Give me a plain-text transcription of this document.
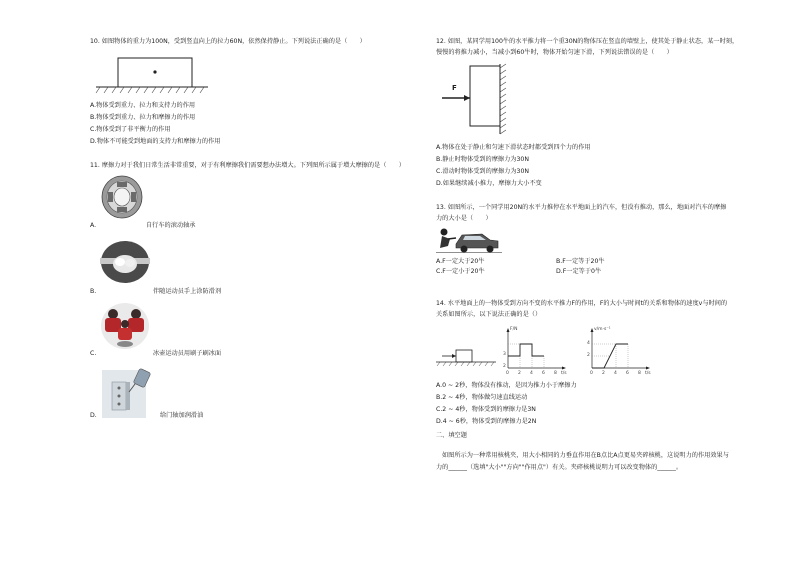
10. 如图物体的重力为100N，受到竖直向上的拉力60N，依然保持静止。下列说法正确的是（　　）
A.物体受到重力、拉力和支持力的作用
B.物体受到重力、拉力和摩擦力的作用
C.物体受到了非平衡力的作用
D.物体不可能受到地面的支持力和摩擦力的作用
11. 摩擦力对于我们日常生活非常重要，对于有利摩擦我们需要想办法增大。下列图所示属于增大摩擦的是（　　）
A.	自行车的滚动轴承
B.	伴随运动员手上涂防滑剂
C.	冰壶运动员用刷子刷冰面
D.	给门轴加润滑油
12. 如图，某同学用100牛的水平推力将一个重30N的物体压在竖直的墙壁上，使其处于静止状态，某一时刻，
慢慢的将推力减小，当减小到60牛时，物体开始匀速下滑，下列说法错误的是（　　）
F
A.物体在处于静止和匀速下滑状态时都受到四个力的作用
B.静止时物体受到的摩擦力为30N
C.滑动时物体受到的摩擦力为30N
D.如果继续减小推力，摩擦力大小不变
13. 如图所示，一个同学用20N的水平力推停在水平地面上的汽车，但没有推动，那么，地面对汽车的摩擦
力的大小是（　　）
A.F一定大于20牛	B.F一定等于20牛
C.F一定小于20牛	D.F一定等于0牛
14. 水平地面上的一物体受到方向不变的水平推力F的作用，F的大小与时间t的关系和物体的速度v与时间的
关系如图所示，以下说法正确的是（）
F/N
t/s
3
2
0 2 4 6 8
v/m·s⁻¹
t/s
4
2
0 2 4 6 8
A.0 ~ 2秒，物体没有推动，是因为推力小于摩擦力
B.2 ~ 4秒，物体做匀速直线运动
C.2 ~ 4秒，物体受到的摩擦力是3N
D.4 ~ 6秒，物体受到的摩擦力是2N
二、填空题
如图所示为一种常用核桃夹，用大小相同的力垂直作用在B点比A点更易夹碎核桃，这说明力的作用效果与
力的______（选填"大小""方向""作用点"）有关。夹碎核桃说明力可以改变物体的______。
